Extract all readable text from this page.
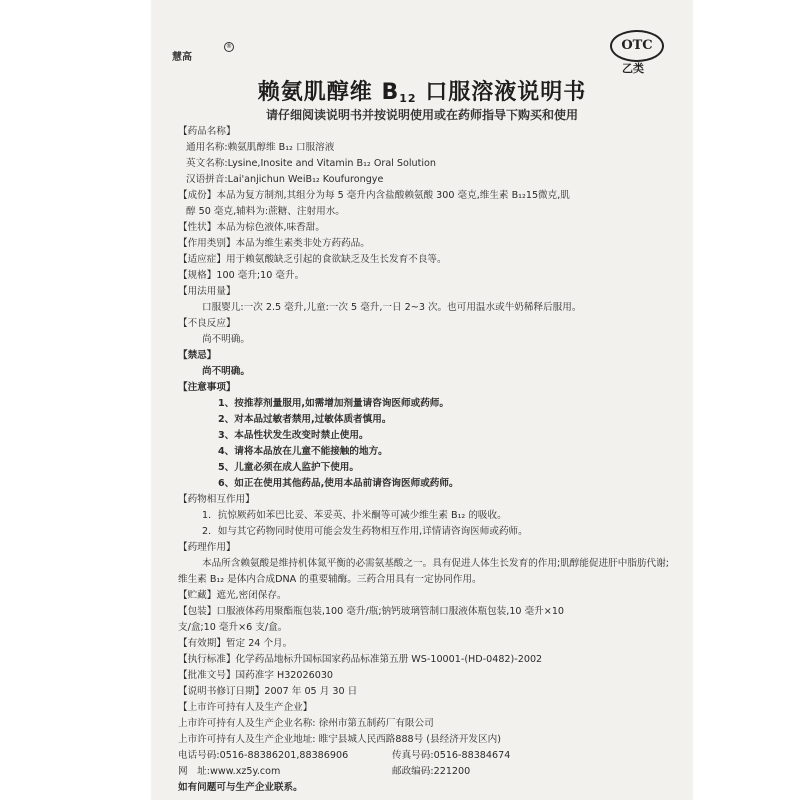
慧高
®	OTC
乙类
赖氨肌醇维 $B_{12}$ 口服溶液说明书
请仔细阅读说明书并按说明使用或在药师指导下购买和使用
【药品名称】
通用名称:赖氨肌醇维 B₁₂ 口服溶液
英文名称:Lysine,Inosite and Vitamin B₁₂ Oral Solution
汉语拼音:Lai'anjichun WeiB₁₂ Koufurongye
【成份】本品为复方制剂,其组分为每 5 毫升内含盐酸赖氨酸 300 毫克,维生素 B₁₂15微克,肌
醇 50 毫克,辅料为:蔗糖、注射用水。
【性状】本品为棕色液体,味香甜。
【作用类别】本品为维生素类非处方药药品。
【适应症】用于赖氨酸缺乏引起的食欲缺乏及生长发育不良等。
【规格】100 毫升;10 毫升。
【用法用量】
口服婴儿:一次 2.5 毫升,儿童:一次 5 毫升,一日 2~3 次。也可用温水或牛奶稀释后服用。
【不良反应】
尚不明确。
【禁忌】
尚不明确。
【注意事项】
1、按推荐剂量服用,如需增加剂量请咨询医师或药师。
2、对本品过敏者禁用,过敏体质者慎用。
3、本品性状发生改变时禁止使用。
4、请将本品放在儿童不能接触的地方。
5、儿童必须在成人监护下使用。
6、如正在使用其他药品,使用本品前请咨询医师或药师。
【药物相互作用】
1．抗惊厥药如苯巴比妥、苯妥英、扑米酮等可减少维生素 B₁₂ 的吸收。
2．如与其它药物同时使用可能会发生药物相互作用,详情请咨询医师或药师。
【药理作用】
本品所含赖氨酸是维持机体氮平衡的必需氨基酸之一。具有促进人体生长发育的作用;肌醇能促进肝中脂肪代谢;维生素 B₁₂ 是体内合成DNA 的重要辅酶。三药合用具有一定协同作用。
【贮藏】遮光,密闭保存。
【包装】口服液体药用聚酯瓶包装,100 毫升/瓶;钠钙玻璃管制口服液体瓶包装,10 毫升×10
支/盒;10 毫升×6 支/盒。
【有效期】暂定 24 个月。
【执行标准】化学药品地标升国标国家药品标准第五册 WS-10001-(HD-0482)-2002
【批准文号】国药准字 H32026030
【说明书修订日期】2007 年 05 月 30 日
【上市许可持有人及生产企业】
上市许可持有人及生产企业名称: 徐州市第五制药厂有限公司
上市许可持有人及生产企业地址: 睢宁县城人民西路888号 (县经济开发区内)
电话号码:0516-88386201,88386906	传真号码:0516-88384674
网　址:www.xz5y.com	邮政编码:221200
如有问题可与生产企业联系。
